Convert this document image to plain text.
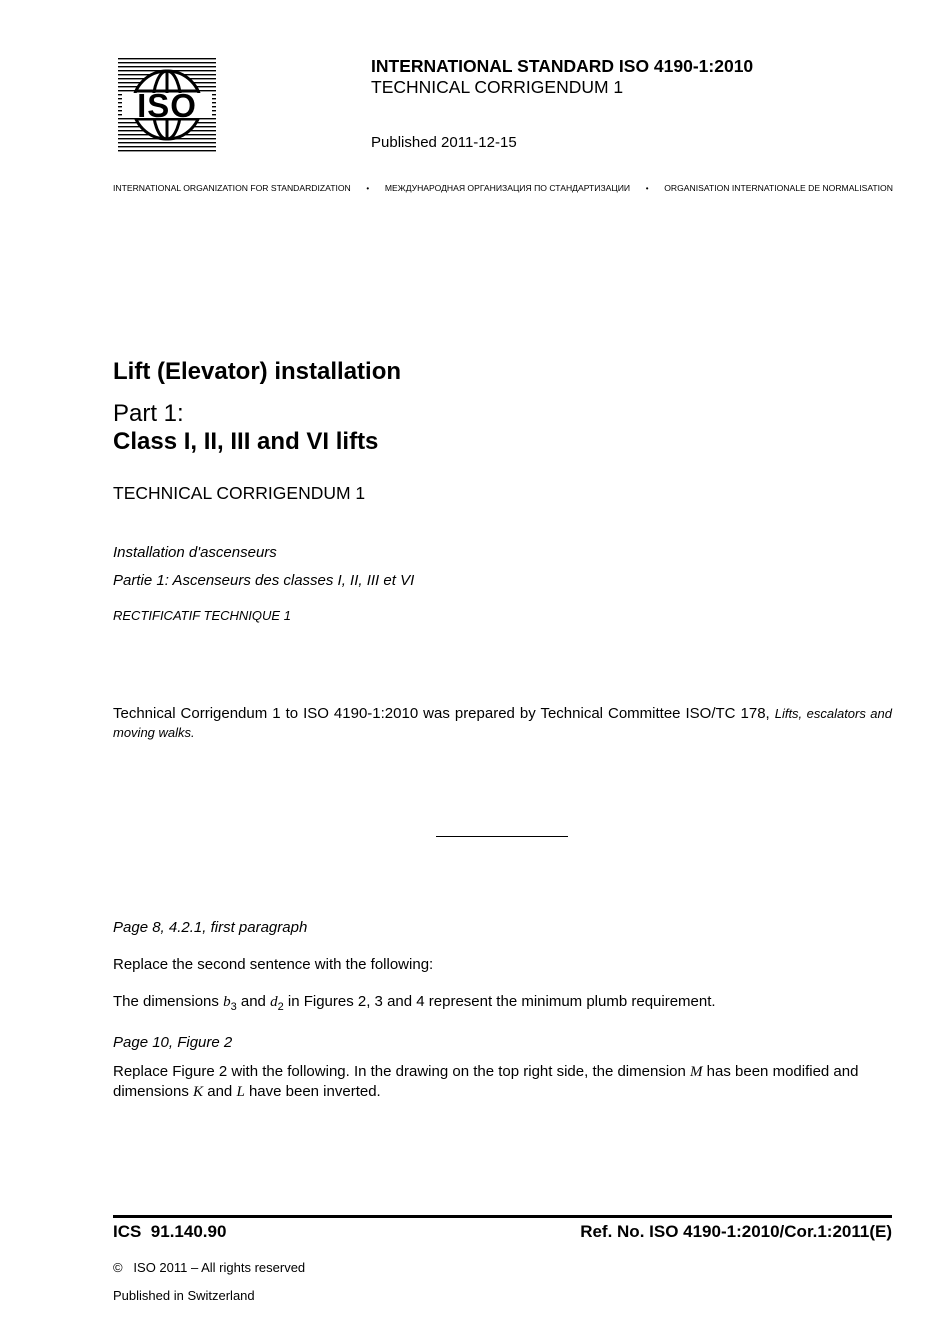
ISO
INTERNATIONAL STANDARD ISO 4190-1:2010
TECHNICAL CORRIGENDUM 1
Published 2011-12-15
INTERNATIONAL ORGANIZATION FOR STANDARDIZATION • МЕЖДУНАРОДНАЯ ОРГАНИЗАЦИЯ ПО СТАНДАРТИЗАЦИИ • ORGANISATION INTERNATIONALE DE NORMALISATION
Lift (Elevator) installation
Part 1:
Class I, II, III and VI lifts
TECHNICAL CORRIGENDUM 1
Installation d'ascenseurs
Partie 1: Ascenseurs des classes I, II, III et VI
RECTIFICATIF TECHNIQUE 1
Technical Corrigendum 1 to ISO 4190-1:2010 was prepared by Technical Committee ISO/TC 178, Lifts, escalators and moving walks.
Page 8, 4.2.1, first paragraph
Replace the second sentence with the following:
The dimensions $b_3$ and $d_2$ in Figures 2, 3 and 4 represent the minimum plumb requirement.
Page 10, Figure 2
Replace Figure 2 with the following. In the drawing on the top right side, the dimension M has been modified and dimensions K and L have been inverted.
ICS  91.140.90	Ref. No. ISO 4190-1:2010/Cor.1:2011(E)
©   ISO 2011 – All rights reserved
Published in Switzerland
